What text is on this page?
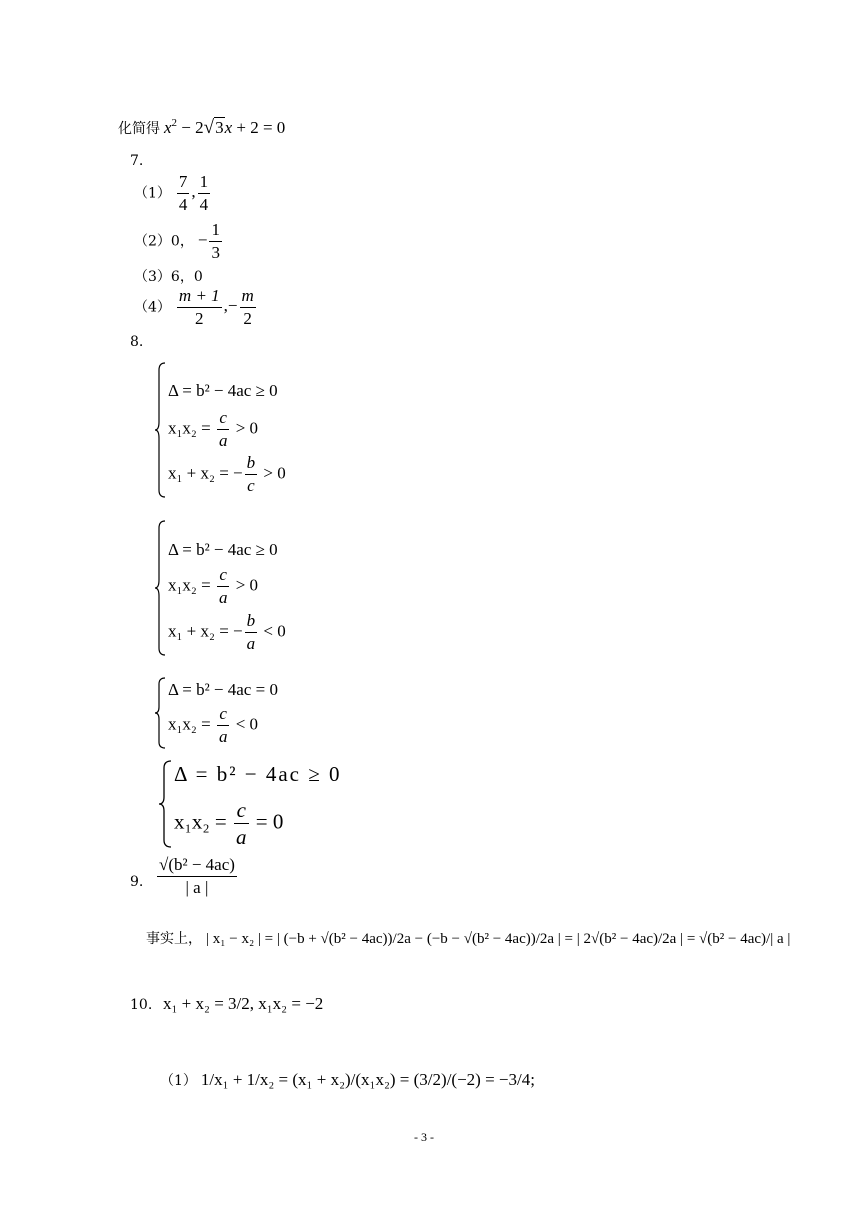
化简得 $x^2 - 2√3x + 2 = 0$
7.
$(1) \frac{7}{4}$ , $\frac{1}{4}$
（2）0， − $\frac{1}{3}$
（3）6，0
$(4) \frac{m + 1}{2}$ ,− $\frac{m}{2}$
8.
Δ = b² − 4ac ≥ 0
$x_1x_2 = \frac{c}{a} > 0$
x₁ + x₂ = − $\frac{b}{c} > 0$
Δ = b² − 4ac ≥ 0
$x_1x_2 = \frac{c}{a} > 0$
x₁ + x₂ = − $\frac{b}{a} < 0$
Δ = b² − 4ac = 0
$x_1x_2 = \frac{c}{a} < 0$
Δ = b² − 4ac ≥ 0
$x_1x_2 = \frac{c}{a} = 0$
9. $\frac{\text{√(b² − 4ac)}}{| a |}$
事实上， | x₁ − x₂ | = | (−b + √(b² − 4ac))/2a − (−b − √(b² − 4ac))/2a | = | 2√(b² − 4ac)/2a | = √(b² − 4ac)/| a |
10. x₁ + x₂ = 3/2, x₁x₂ = −2
（1） 1/x₁ + 1/x₂ = (x₁ + x₂)/(x₁x₂) = (3/2)/(−2) = −3/4;
- 3 -
